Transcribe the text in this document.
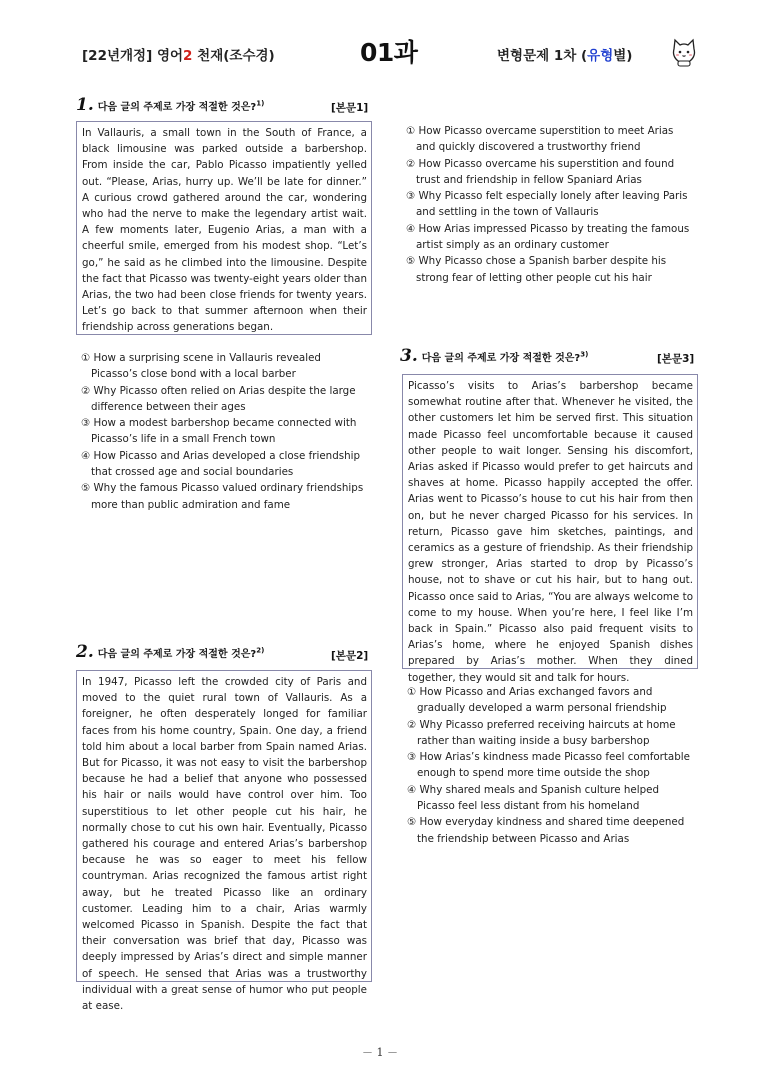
[22년개정] 영어2 천재(조수경)	01과	변형문제 1차 (유형별)
1. 다음 글의 주제로 가장 적절한 것은?$^{1)}$	[본문1]
In Vallauris, a small town in the South of France, a black limousine was parked outside a barbershop. From inside the car, Pablo Picasso impatiently yelled out. “Please, Arias, hurry up. We’ll be late for dinner.” A curious crowd gathered around the car, wondering who had the nerve to make the legendary artist wait. A few moments later, Eugenio Arias, a man with a cheerful smile, emerged from his modest shop. “Let’s go,” he said as he climbed into the limousine. Despite the fact that Picasso was twenty-eight years older than Arias, the two had been close friends for twenty years. Let’s go back to that summer afternoon when their friendship across generations began.

① How a surprising scene in Vallauris revealed Picasso’s close bond with a local barber

② Why Picasso often relied on Arias despite the large difference between their ages

③ How a modest barbershop became connected with Picasso’s life in a small French town

④ How Picasso and Arias developed a close friendship that crossed age and social boundaries

⑤ Why the famous Picasso valued ordinary friendships more than public admiration and fame

2. 다음 글의 주제로 가장 적절한 것은?$^{2)}$	[본문2]
In 1947, Picasso left the crowded city of Paris and moved to the quiet rural town of Vallauris. As a foreigner, he often desperately longed for familiar faces from his home country, Spain. One day, a friend told him about a local barber from Spain named Arias. But for Picasso, it was not easy to visit the barbershop because he had a belief that anyone who possessed his hair or nails would have control over him. Too superstitious to let other people cut his hair, he normally chose to cut his own hair. Eventually, Picasso gathered his courage and entered Arias’s barbershop because he was so eager to meet his fellow countryman. Arias recognized the famous artist right away, but he treated Picasso like an ordinary customer. Leading him to a chair, Arias warmly welcomed Picasso in Spanish. Despite the fact that their conversation was brief that day, Picasso was deeply impressed by Arias’s direct and simple manner of speech. He sensed that Arias was a trustworthy individual with a great sense of humor who put people at ease.

① How Picasso overcame superstition to meet Arias and quickly discovered a trustworthy friend

② How Picasso overcame his superstition and found trust and friendship in fellow Spaniard Arias

③ Why Picasso felt especially lonely after leaving Paris and settling in the town of Vallauris

④ How Arias impressed Picasso by treating the famous artist simply as an ordinary customer

⑤ Why Picasso chose a Spanish barber despite his strong fear of letting other people cut his hair

3. 다음 글의 주제로 가장 적절한 것은?$^{3)}$	[본문3]
Picasso’s visits to Arias’s barbershop became somewhat routine after that. Whenever he visited, the other customers let him be served first. This situation made Picasso feel uncomfortable because it caused other people to wait longer. Sensing his discomfort, Arias asked if Picasso would prefer to get haircuts and shaves at home. Picasso happily accepted the offer. Arias went to Picasso’s house to cut his hair from then on, but he never charged Picasso for his services. In return, Picasso gave him sketches, paintings, and ceramics as a gesture of friendship. As their friendship grew stronger, Arias started to drop by Picasso’s house, not to shave or cut his hair, but to hang out. Picasso once said to Arias, “You are always welcome to come to my house. When you’re here, I feel like I’m back in Spain.” Picasso also paid frequent visits to Arias’s home, where he enjoyed Spanish dishes prepared by Arias’s mother. When they dined together, they would sit and talk for hours.

① How Picasso and Arias exchanged favors and gradually developed a warm personal friendship

② Why Picasso preferred receiving haircuts at home rather than waiting inside a busy barbershop

③ How Arias’s kindness made Picasso feel comfortable enough to spend more time outside the shop

④ Why shared meals and Spanish culture helped Picasso feel less distant from his homeland

⑤ How everyday kindness and shared time deepened the friendship between Picasso and Arias

－ 1 －
